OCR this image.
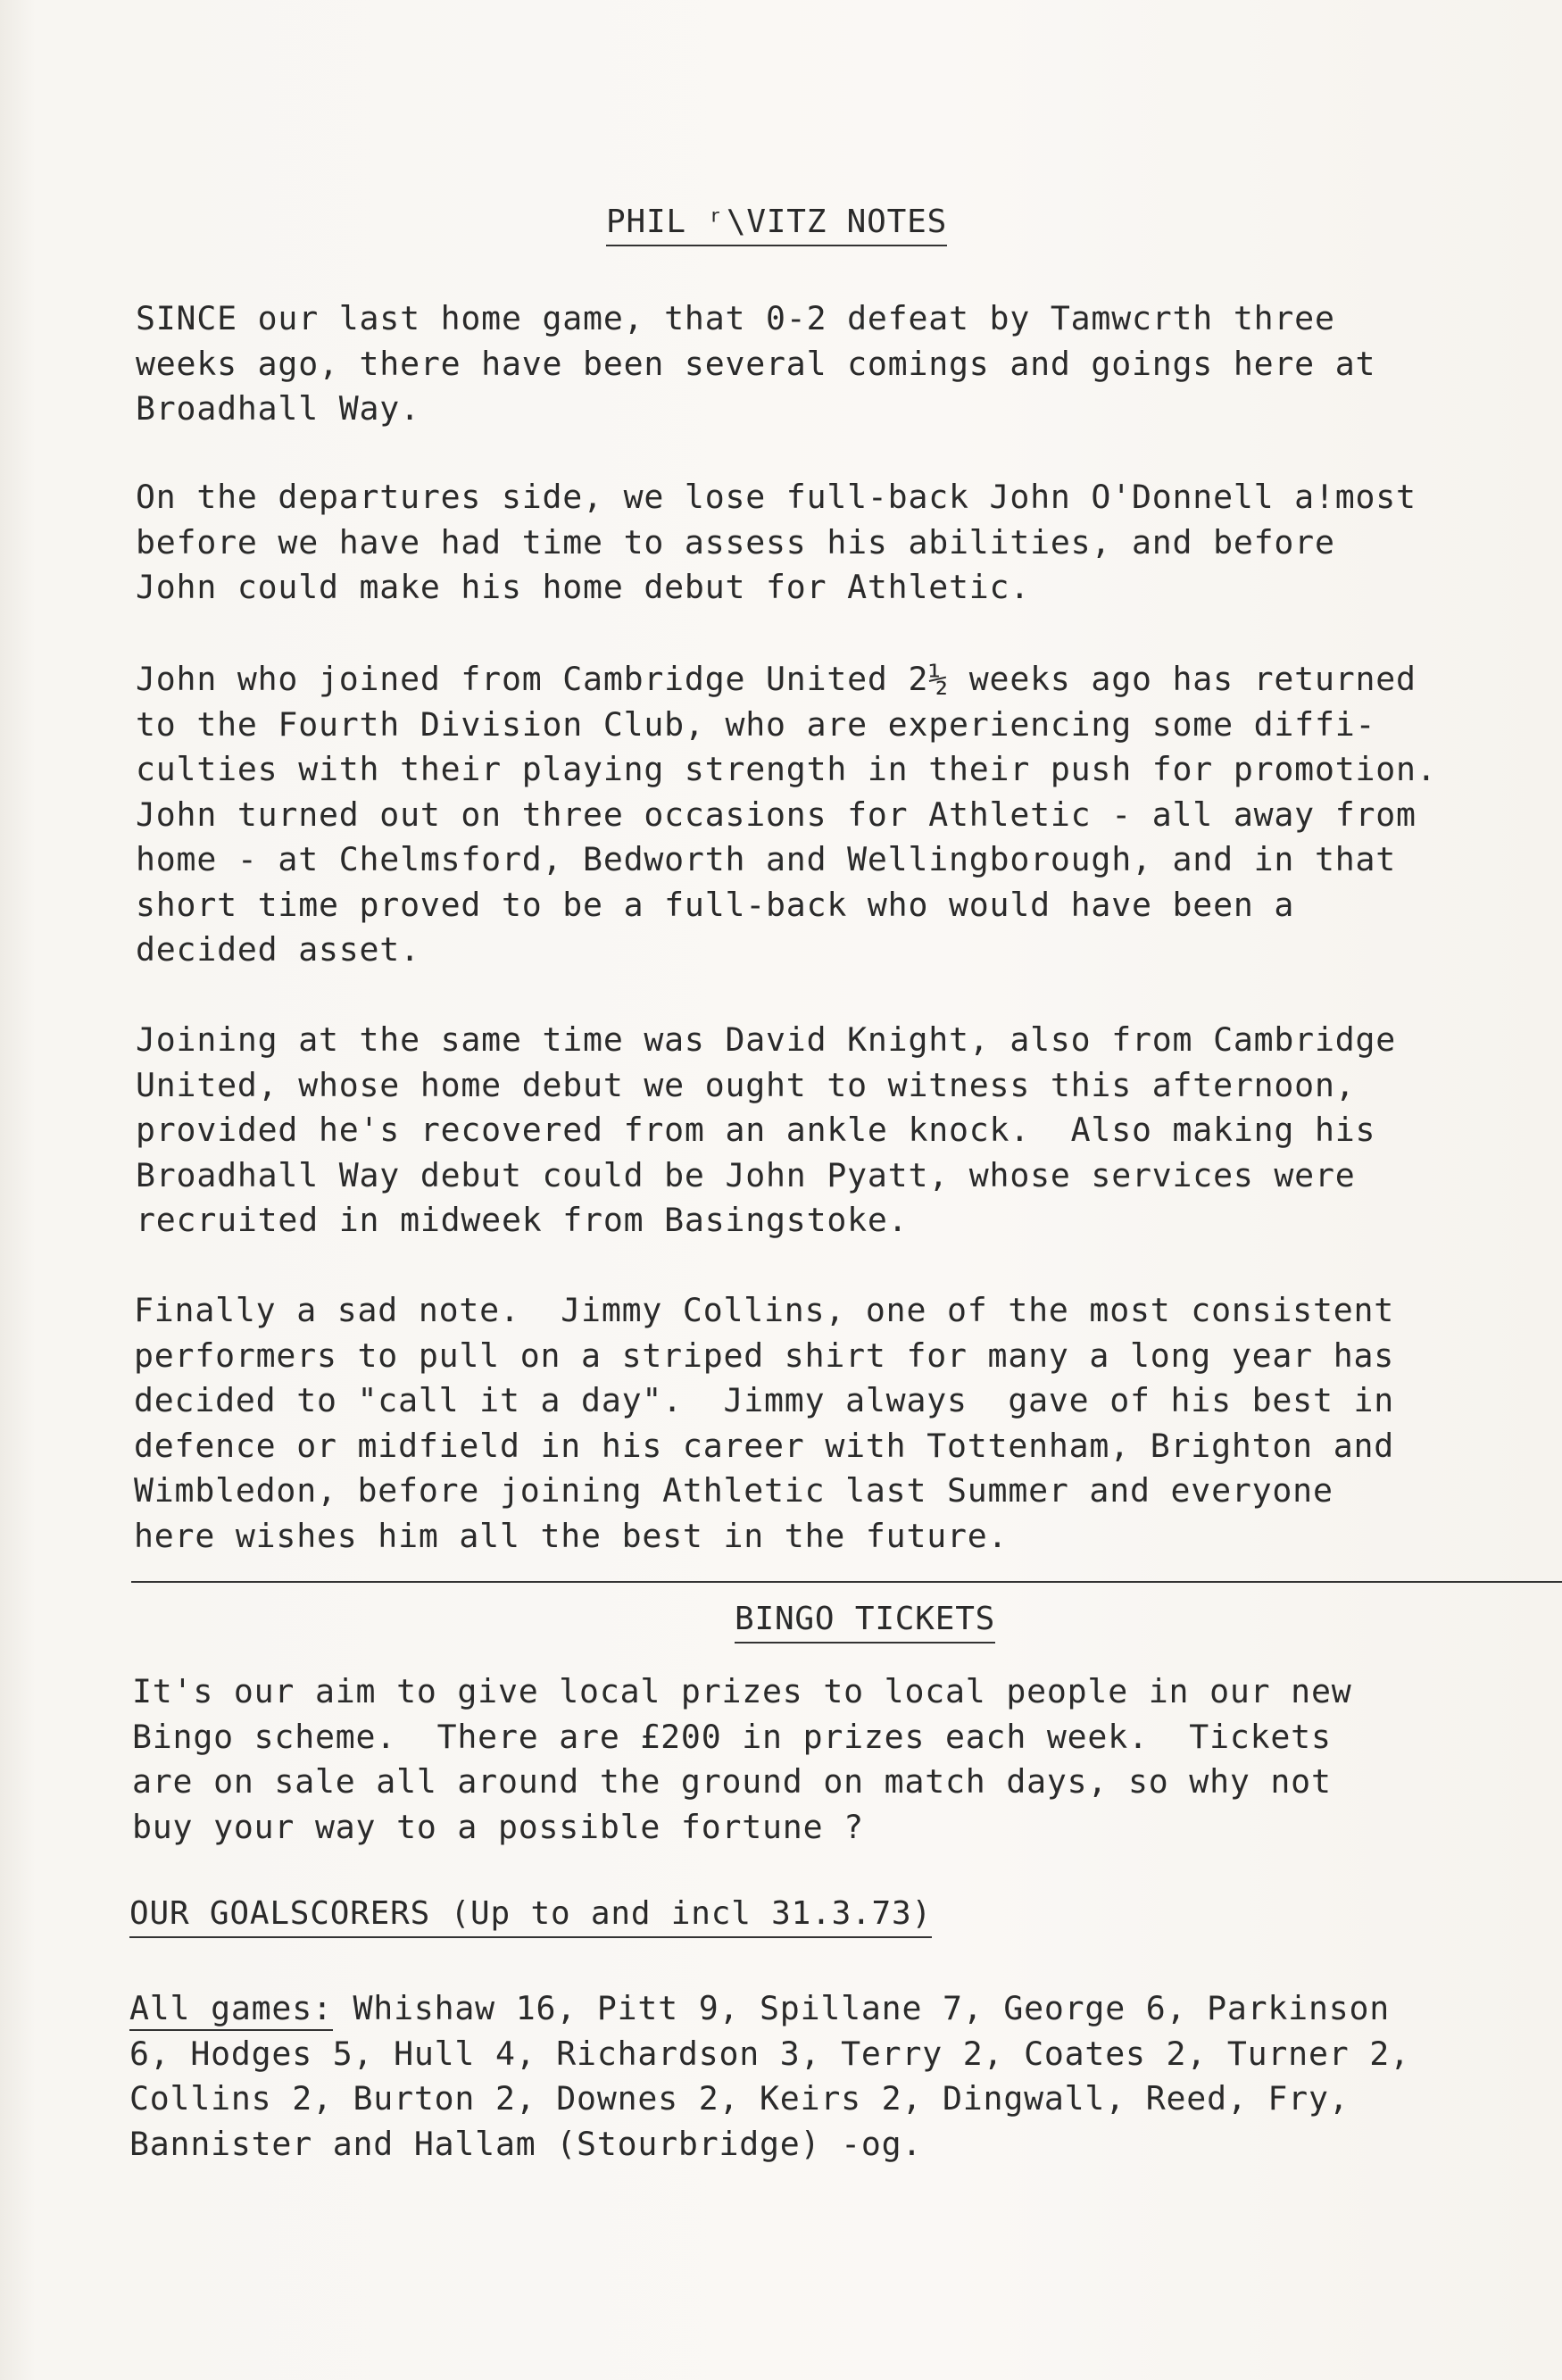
PHIL ʳ\VITZ NOTES
SINCE our last home game, that 0-2 defeat by Tamwcrth three
weeks ago, there have been several comings and goings here at
Broadhall Way.
On the departures side, we lose full-back John O'Donnell a!most
before we have had time to assess his abilities, and before
John could make his home debut for Athletic.
John who joined from Cambridge United 2½ weeks ago has returned
to the Fourth Division Club, who are experiencing some diffi-
culties with their playing strength in their push for promotion.
John turned out on three occasions for Athletic - all away from
home - at Chelmsford, Bedworth and Wellingborough, and in that
short time proved to be a full-back who would have been a
decided asset.
Joining at the same time was David Knight, also from Cambridge
United, whose home debut we ought to witness this afternoon,
provided he's recovered from an ankle knock.  Also making his
Broadhall Way debut could be John Pyatt, whose services were
recruited in midweek from Basingstoke.
Finally a sad note.  Jimmy Collins, one of the most consistent
performers to pull on a striped shirt for many a long year has
decided to "call it a day".  Jimmy always  gave of his best in
defence or midfield in his career with Tottenham, Brighton and
Wimbledon, before joining Athletic last Summer and everyone
here wishes him all the best in the future.
BINGO TICKETS
It's our aim to give local prizes to local people in our new
Bingo scheme.  There are £200 in prizes each week.  Tickets
are on sale all around the ground on match days, so why not
buy your way to a possible fortune ?
OUR GOALSCORERS (Up to and incl 31.3.73)
All games: Whishaw 16, Pitt 9, Spillane 7, George 6, Parkinson
6, Hodges 5, Hull 4, Richardson 3, Terry 2, Coates 2, Turner 2,
Collins 2, Burton 2, Downes 2, Keirs 2, Dingwall, Reed, Fry,
Bannister and Hallam (Stourbridge) -og.
